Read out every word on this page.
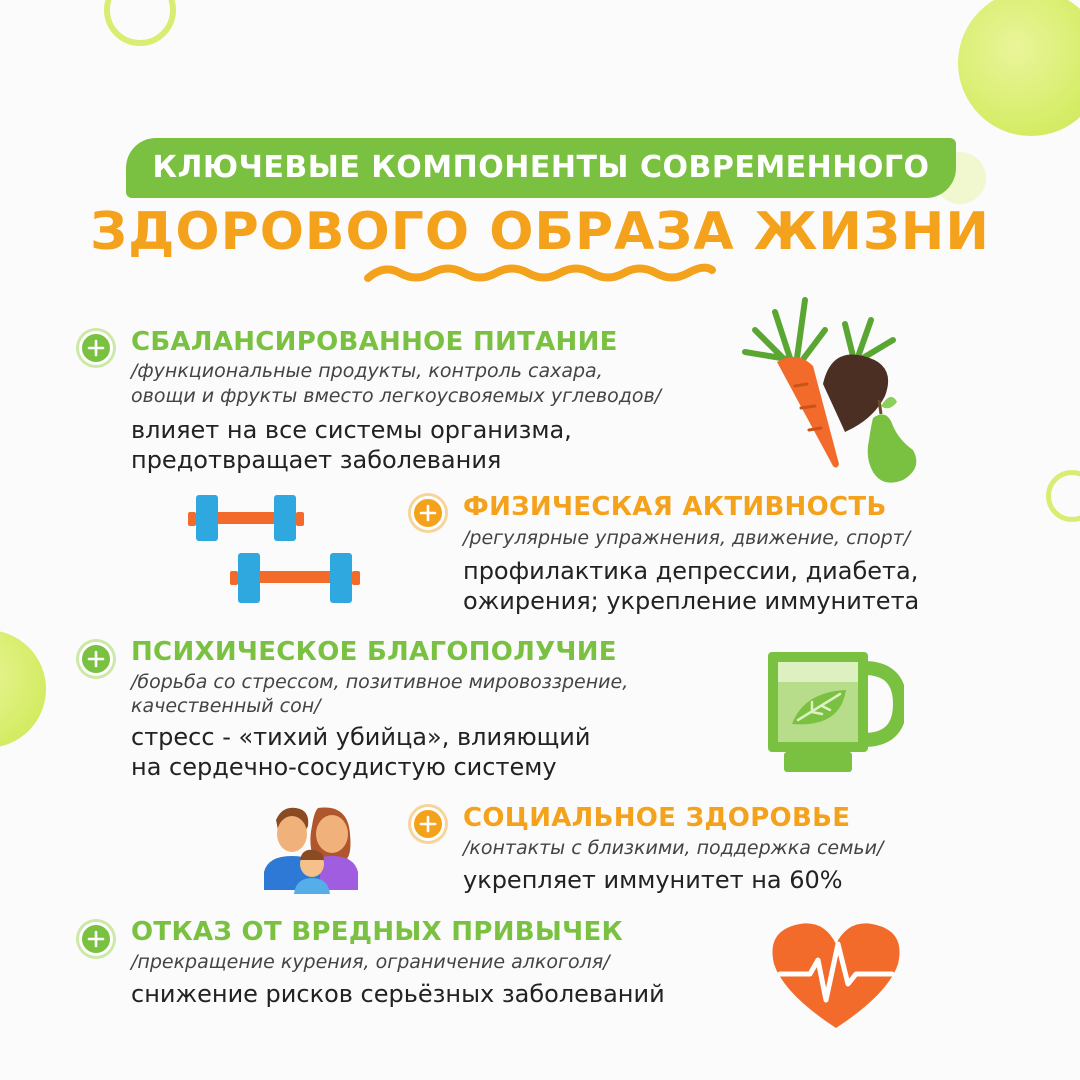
КЛЮЧЕВЫЕ КОМПОНЕНТЫ СОВРЕМЕННОГО
ЗДОРОВОГО ОБРАЗА ЖИЗНИ
СБАЛАНСИРОВАННОЕ ПИТАНИЕ
/функциональные продукты, контроль сахара,
овощи и фрукты вместо легкоусвояемых углеводов/
влияет на все системы организма,
предотвращает заболевания
ФИЗИЧЕСКАЯ АКТИВНОСТЬ
/регулярные упражнения, движение, спорт/
профилактика депрессии, диабета,
ожирения; укрепление иммунитета
ПСИХИЧЕСКОЕ БЛАГОПОЛУЧИЕ
/борьба со стрессом, позитивное мировоззрение,
качественный сон/
стресс - «тихий убийца», влияющий
на сердечно-сосудистую систему
СОЦИАЛЬНОЕ ЗДОРОВЬЕ
/контакты с близкими, поддержка семьи/
укрепляет иммунитет на 60%
ОТКАЗ ОТ ВРЕДНЫХ ПРИВЫЧЕК
/прекращение курения, ограничение алкоголя/
снижение рисков серьёзных заболеваний
